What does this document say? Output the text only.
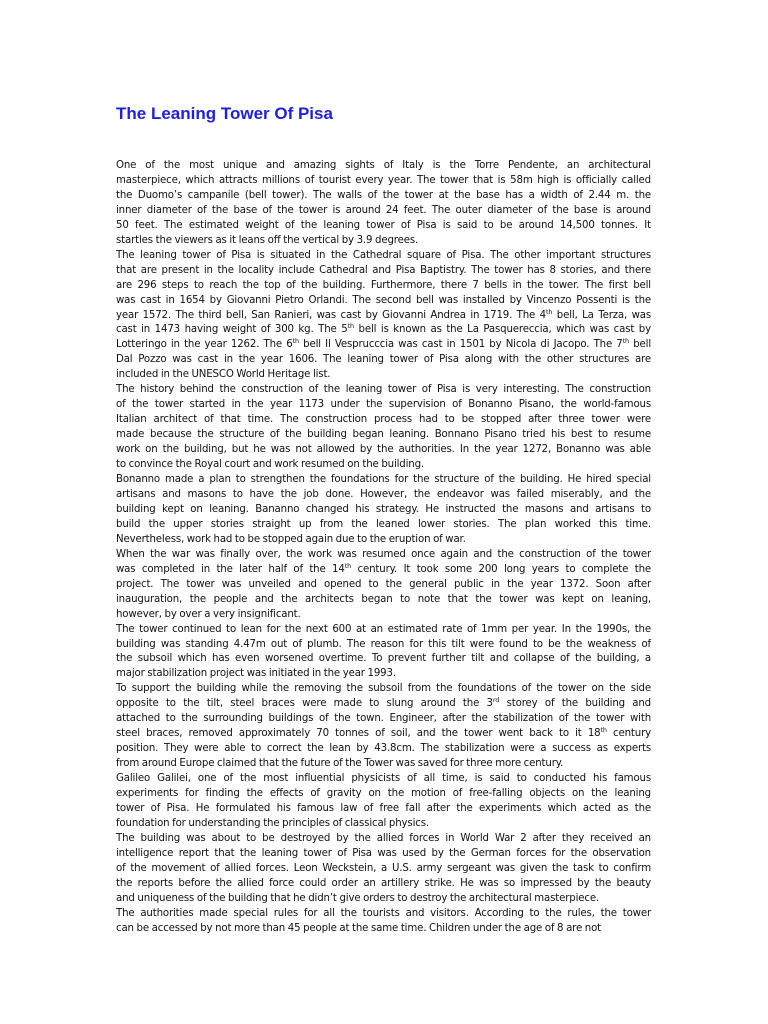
The Leaning Tower Of Pisa

One of the most unique and amazing sights of Italy is the Torre Pendente, an architectural
masterpiece, which attracts millions of tourist every year. The tower that is 58m high is officially called
the Duomo’s campanile (bell tower). The walls of the tower at the base has a width of 2.44 m. the
inner diameter of the base of the tower is around 24 feet. The outer diameter of the base is around
50 feet. The estimated weight of the leaning tower of Pisa is said to be around 14,500 tonnes. It
startles the viewers as it leans off the vertical by 3.9 degrees.

The leaning tower of Pisa is situated in the Cathedral square of Pisa. The other important structures
that are present in the locality include Cathedral and Pisa Baptistry. The tower has 8 stories, and there
are 296 steps to reach the top of the building. Furthermore, there 7 bells in the tower. The first bell
was cast in 1654 by Giovanni Pietro Orlandi. The second bell was installed by Vincenzo Possenti is the
year 1572. The third bell, San Ranieri, was cast by Giovanni Andrea in 1719. The 4th bell, La Terza, was
cast in 1473 having weight of 300 kg. The 5th bell is known as the La Pasquereccia, which was cast by
Lotteringo in the year 1262. The 6th bell Il Vesprucccia was cast in 1501 by Nicola di Jacopo. The 7th bell
Dal Pozzo was cast in the year 1606. The leaning tower of Pisa along with the other structures are
included in the UNESCO World Heritage list.

The history behind the construction of the leaning tower of Pisa is very interesting. The construction
of the tower started in the year 1173 under the supervision of Bonanno Pisano, the world-famous
Italian architect of that time. The construction process had to be stopped after three tower were
made because the structure of the building began leaning. Bonnano Pisano tried his best to resume
work on the building, but he was not allowed by the authorities. In the year 1272, Bonanno was able
to convince the Royal court and work resumed on the building.

Bonanno made a plan to strengthen the foundations for the structure of the building. He hired special
artisans and masons to have the job done. However, the endeavor was failed miserably, and the
building kept on leaning. Bananno changed his strategy. He instructed the masons and artisans to
build the upper stories straight up from the leaned lower stories. The plan worked this time.
Nevertheless, work had to be stopped again due to the eruption of war.

When the war was finally over, the work was resumed once again and the construction of the tower
was completed in the later half of the 14th century. It took some 200 long years to complete the
project. The tower was unveiled and opened to the general public in the year 1372. Soon after
inauguration, the people and the architects began to note that the tower was kept on leaning,
however, by over a very insignificant.

The tower continued to lean for the next 600 at an estimated rate of 1mm per year. In the 1990s, the
building was standing 4.47m out of plumb. The reason for this tilt were found to be the weakness of
the subsoil which has even worsened overtime. To prevent further tilt and collapse of the building, a
major stabilization project was initiated in the year 1993.

To support the building while the removing the subsoil from the foundations of the tower on the side
opposite to the tilt, steel braces were made to slung around the 3rd storey of the building and
attached to the surrounding buildings of the town. Engineer, after the stabilization of the tower with
steel braces, removed approximately 70 tonnes of soil, and the tower went back to it 18th century
position. They were able to correct the lean by 43.8cm. The stabilization were a success as experts
from around Europe claimed that the future of the Tower was saved for three more century.

Galileo Galilei, one of the most influential physicists of all time, is said to conducted his famous
experiments for finding the effects of gravity on the motion of free-falling objects on the leaning
tower of Pisa. He formulated his famous law of free fall after the experiments which acted as the
foundation for understanding the principles of classical physics.

The building was about to be destroyed by the allied forces in World War 2 after they received an
intelligence report that the leaning tower of Pisa was used by the German forces for the observation
of the movement of allied forces. Leon Weckstein, a U.S. army sergeant was given the task to confirm
the reports before the allied force could order an artillery strike. He was so impressed by the beauty
and uniqueness of the building that he didn’t give orders to destroy the architectural masterpiece.

The authorities made special rules for all the tourists and visitors. According to the rules, the tower
can be accessed by not more than 45 people at the same time. Children under the age of 8 are not
